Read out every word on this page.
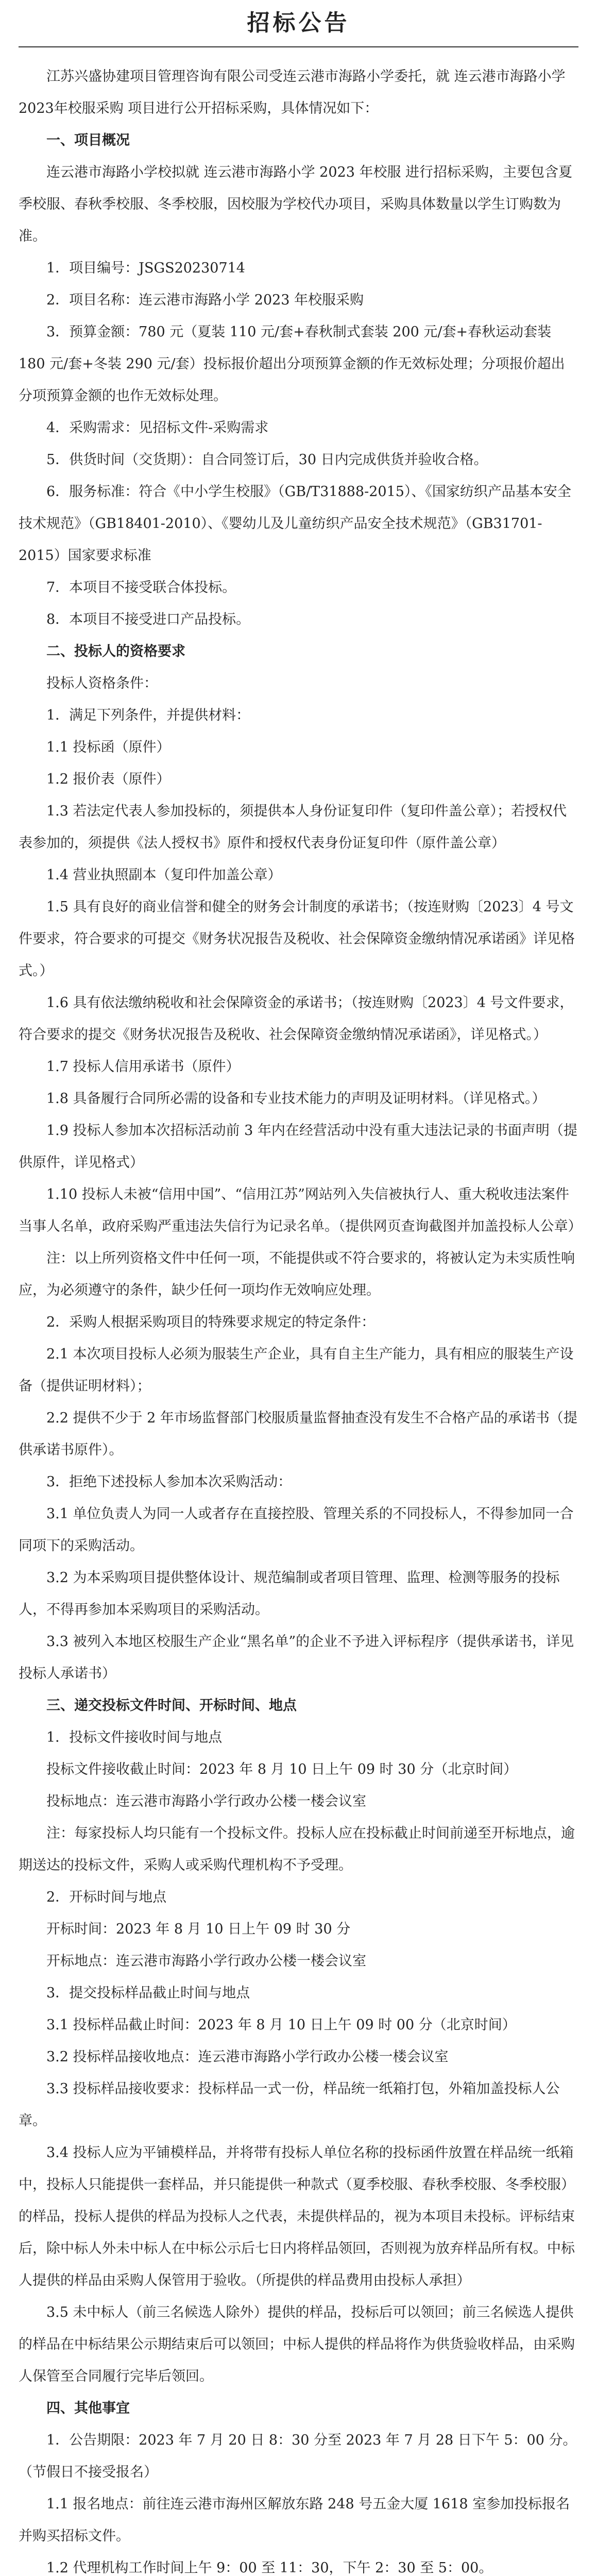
招标公告

江苏兴盛协建项目管理咨询有限公司受连云港市海路小学委托，就 连云港市海路小学2023年校服采购 项目进行公开招标采购，具体情况如下：

一、项目概况

连云港市海路小学校拟就 连云港市海路小学 2023 年校服 进行招标采购，主要包含夏季校服、春秋季校服、冬季校服，因校服为学校代办项目，采购具体数量以学生订购数为准。

1．项目编号：JSGS20230714

2．项目名称：连云港市海路小学 2023 年校服采购

3．预算金额：780 元（夏装 110 元/套+春秋制式套装 200 元/套+春秋运动套装 180 元/套+冬装 290 元/套）投标报价超出分项预算金额的作无效标处理；分项报价超出分项预算金额的也作无效标处理。

4．采购需求：见招标文件-采购需求

5．供货时间（交货期）：自合同签订后，30 日内完成供货并验收合格。

6．服务标准：符合《中小学生校服》（GB/T31888-2015）、《国家纺织产品基本安全技术规范》（GB18401-2010）、《婴幼儿及儿童纺织产品安全技术规范》（GB31701-2015）国家要求标准

7．本项目不接受联合体投标。

8．本项目不接受进口产品投标。

二、投标人的资格要求

投标人资格条件：

1．满足下列条件，并提供材料：

1.1 投标函（原件）

1.2 报价表（原件）

1.3 若法定代表人参加投标的，须提供本人身份证复印件（复印件盖公章）；若授权代表参加的，须提供《法人授权书》原件和授权代表身份证复印件（原件盖公章）

1.4 营业执照副本（复印件加盖公章）

1.5 具有良好的商业信誉和健全的财务会计制度的承诺书；（按连财购〔2023〕4 号文件要求，符合要求的可提交《财务状况报告及税收、社会保障资金缴纳情况承诺函》详见格式。）

1.6 具有依法缴纳税收和社会保障资金的承诺书；（按连财购〔2023〕4 号文件要求，符合要求的提交《财务状况报告及税收、社会保障资金缴纳情况承诺函》，详见格式。）

1.7 投标人信用承诺书（原件）

1.8 具备履行合同所必需的设备和专业技术能力的声明及证明材料。（详见格式。）

1.9 投标人参加本次招标活动前 3 年内在经营活动中没有重大违法记录的书面声明（提供原件，详见格式）

1.10 投标人未被“信用中国”、“信用江苏”网站列入失信被执行人、重大税收违法案件当事人名单，政府采购严重违法失信行为记录名单。（提供网页查询截图并加盖投标人公章）

注：以上所列资格文件中任何一项，不能提供或不符合要求的，将被认定为未实质性响应，为必须遵守的条件，缺少任何一项均作无效响应处理。

2．采购人根据采购项目的特殊要求规定的特定条件：

2.1 本次项目投标人必须为服装生产企业，具有自主生产能力，具有相应的服装生产设备（提供证明材料）；

2.2 提供不少于 2 年市场监督部门校服质量监督抽查没有发生不合格产品的承诺书（提供承诺书原件）。

3．拒绝下述投标人参加本次采购活动：

3.1 单位负责人为同一人或者存在直接控股、管理关系的不同投标人，不得参加同一合同项下的采购活动。

3.2 为本采购项目提供整体设计、规范编制或者项目管理、监理、检测等服务的投标人，不得再参加本采购项目的采购活动。

3.3 被列入本地区校服生产企业“黑名单”的企业不予进入评标程序（提供承诺书，详见投标人承诺书）

三、递交投标文件时间、开标时间、地点

1．投标文件接收时间与地点

投标文件接收截止时间：2023 年 8 月 10 日上午 09 时 30 分（北京时间）

投标地点：连云港市海路小学行政办公楼一楼会议室

注：每家投标人均只能有一个投标文件。投标人应在投标截止时间前递至开标地点，逾期送达的投标文件，采购人或采购代理机构不予受理。

2．开标时间与地点

开标时间：2023 年 8 月 10 日上午 09 时 30 分

开标地点：连云港市海路小学行政办公楼一楼会议室

3．提交投标样品截止时间与地点

3.1 投标样品截止时间：2023 年 8 月 10 日上午 09 时 00 分（北京时间）

3.2 投标样品接收地点：连云港市海路小学行政办公楼一楼会议室

3.3 投标样品接收要求：投标样品一式一份，样品统一纸箱打包，外箱加盖投标人公章。

3.4 投标人应为平铺模样品，并将带有投标人单位名称的投标函件放置在样品统一纸箱中，投标人只能提供一套样品，并只能提供一种款式（夏季校服、春秋季校服、冬季校服）的样品，投标人提供的样品为投标人之代表，未提供样品的，视为本项目未投标。评标结束后，除中标人外未中标人在中标公示后七日内将样品领回，否则视为放弃样品所有权。中标人提供的样品由采购人保管用于验收。（所提供的样品费用由投标人承担）

3.5 未中标人（前三名候选人除外）提供的样品，投标后可以领回；前三名候选人提供的样品在中标结果公示期结束后可以领回；中标人提供的样品将作为供货验收样品，由采购人保管至合同履行完毕后领回。

四、其他事宜

1．公告期限：2023 年 7 月 20 日 8：30 分至 2023 年 7 月 28 日下午 5：00 分。（节假日不接受报名）

1.1 报名地点：前往连云港市海州区解放东路 248 号五金大厦 1618 室参加投标报名并购买招标文件。

1.2 代理机构工作时间上午 9：00 至 11：30，下午 2：30 至 5：00。
